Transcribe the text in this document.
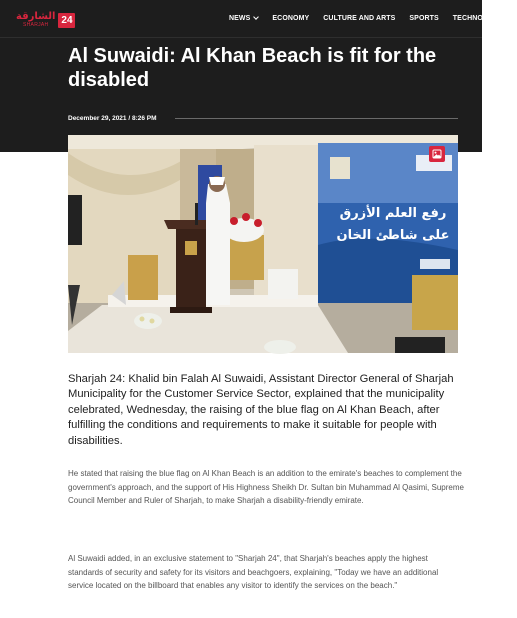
الشارقة
SHARJAH	24	NEWS	ECONOMY CULTURE AND ARTS SPORTS TECHNOLOGY
Al Suwaidi: Al Khan Beach is fit for the disabled
December 29, 2021 / 8:26 PM
رفع العلم الأزرق
على شاطئ الخان

Sharjah 24: Khalid bin Falah Al Suwaidi, Assistant Director General of Sharjah Municipality for the Customer Service Sector, explained that the municipality celebrated, Wednesday, the raising of the blue flag on Al Khan Beach, after fulfilling the conditions and requirements to make it suitable for people with disabilities.

He stated that raising the blue flag on Al Khan Beach is an addition to the emirate's beaches to complement the government's approach, and the support of His Highness Sheikh Dr. Sultan bin Muhammad Al Qasimi, Supreme Council Member and Ruler of Sharjah, to make Sharjah a disability-friendly emirate.

Al Suwaidi added, in an exclusive statement to "Sharjah 24", that Sharjah's beaches apply the highest standards of security and safety for its visitors and beachgoers, explaining, "Today we have an additional service located on the billboard that enables any visitor to identify the services on the beach."
